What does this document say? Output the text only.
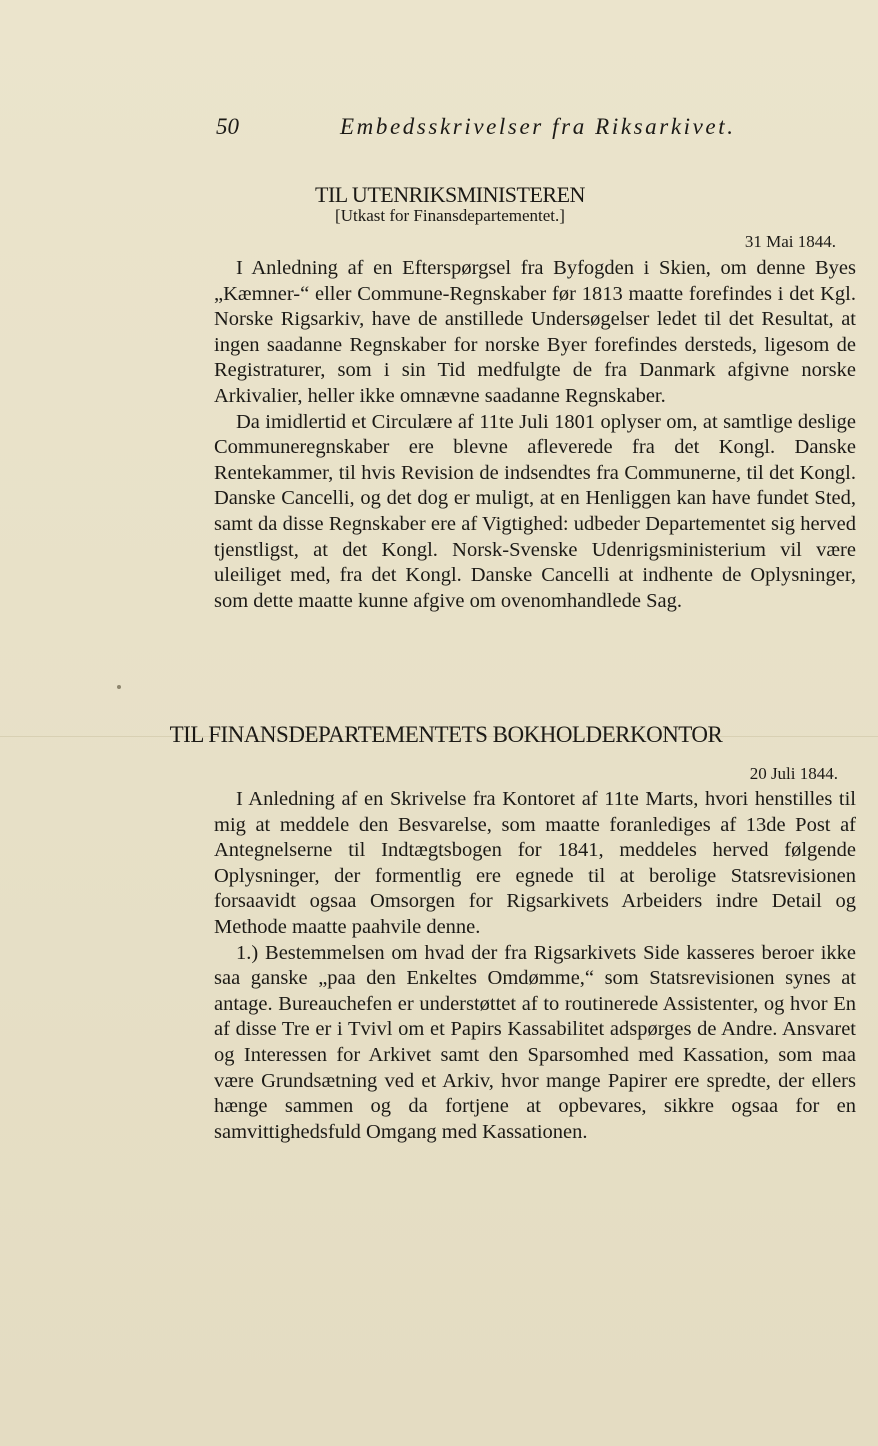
50	Embedsskrivelser fra Riksarkivet.
TIL UTENRIKSMINISTEREN
[Utkast for Finansdepartementet.]
31 Mai 1844.

I Anledning af en Efterspørgsel fra Byfogden i Skien, om denne Byes „Kæmner-“ eller Commune-Regnskaber før 1813 maatte forefindes i det Kgl. Norske Rigsarkiv, have de anstillede Undersøgelser ledet til det Resultat, at ingen saadanne Regnskaber for norske Byer forefindes dersteds, ligesom de Registraturer, som i sin Tid medfulgte de fra Danmark afgivne norske Arkivalier, heller ikke omnævne saadanne Regnskaber.

Da imidlertid et Circulære af 11te Juli 1801 oplyser om, at samtlige deslige Communeregnskaber ere blevne afleverede fra det Kongl. Danske Rentekammer, til hvis Revision de indsendtes fra Communerne, til det Kongl. Danske Cancelli, og det dog er muligt, at en Henliggen kan have fundet Sted, samt da disse Regnskaber ere af Vigtighed: udbeder Departementet sig herved tjenstligst, at det Kongl. Norsk-Svenske Udenrigsministerium vil være uleiliget med, fra det Kongl. Danske Cancelli at indhente de Oplysninger, som dette maatte kunne afgive om ovenomhandlede Sag.

TIL FINANSDEPARTEMENTETS BOKHOLDERKONTOR
20 Juli 1844.

I Anledning af en Skrivelse fra Kontoret af 11te Marts, hvori henstilles til mig at meddele den Besvarelse, som maatte foranlediges af 13de Post af Antegnelserne til Indtægtsbogen for 1841, meddeles herved følgende Oplysninger, der formentlig ere egnede til at berolige Statsrevisionen forsaavidt ogsaa Omsorgen for Rigsarkivets Arbeiders indre Detail og Methode maatte paahvile denne.

1.) Bestemmelsen om hvad der fra Rigsarkivets Side kasseres beroer ikke saa ganske „paa den Enkeltes Omdømme,“ som Statsrevisionen synes at antage. Bureauchefen er understøttet af to routinerede Assistenter, og hvor En af disse Tre er i Tvivl om et Papirs Kassabilitet adspørges de Andre. Ansvaret og Interessen for Arkivet samt den Sparsomhed med Kassation, som maa være Grundsætning ved et Arkiv, hvor mange Papirer ere spredte, der ellers hænge sammen og da fortjene at opbevares, sikkre ogsaa for en samvittighedsfuld Omgang med Kassationen.
